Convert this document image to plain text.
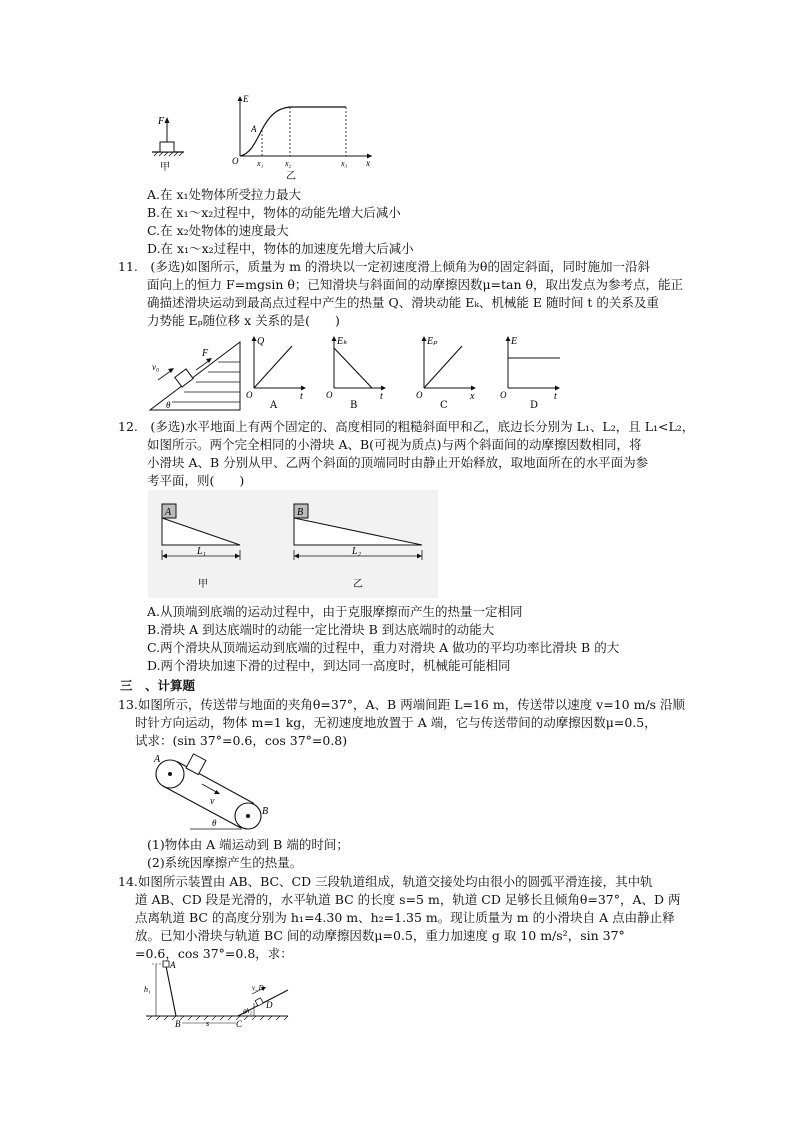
F
甲
E
x
O
A
x₁	x₂	x₃
乙
A.在 x₁处物体所受拉力最大
B.在 x₁～x₂过程中，物体的动能先增大后减小
C.在 x₂处物体的速度最大
D.在 x₁～x₂过程中，物体的加速度先增大后减小
11.　(多选)如图所示，质量为 m 的滑块以一定初速度滑上倾角为θ的固定斜面，同时施加一沿斜
面向上的恒力 F=mgsin θ；已知滑块与斜面间的动摩擦因数μ=tan θ，取出发点为参考点，能正
确描述滑块运动到最高点过程中产生的热量 Q、滑块动能 Eₖ、机械能 E 随时间 t 的关系及重
力势能 Eₚ随位移 x 关系的是(　　)
v₀
F
θ
Q
t
O
A
Eₖ
t
O
B
Eₚ
x
O
C
E
t
O
D
12.　(多选)水平地面上有两个固定的、高度相同的粗糙斜面甲和乙，底边长分别为 L₁、L₂，且 L₁<L₂，
如图所示。两个完全相同的小滑块 A、B(可视为质点)与两个斜面间的动摩擦因数相同，将
小滑块 A、B 分别从甲、乙两个斜面的顶端同时由静止开始释放，取地面所在的水平面为参
考平面，则(　　)
A
L₁
甲
B
L₂
乙
A.从顶端到底端的运动过程中，由于克服摩擦而产生的热量一定相同
B.滑块 A 到达底端时的动能一定比滑块 B 到达底端时的动能大
C.两个滑块从顶端运动到底端的过程中，重力对滑块 A 做功的平均功率比滑块 B 的大
D.两个滑块加速下滑的过程中，到达同一高度时，机械能可能相同
三　、计算题
13.如图所示，传送带与地面的夹角θ=37°，A、B 两端间距 L=16 m，传送带以速度 v=10 m/s 沿顺
时针方向运动，物体 m=1 kg，无初速度地放置于 A 端，它与传送带间的动摩擦因数μ=0.5，
试求：(sin 37°=0.6，cos 37°=0.8)
A
B
v
θ
(1)物体由 A 端运动到 B 端的时间；
(2)系统因摩擦产生的热量。
14.如图所示装置由 AB、BC、CD 三段轨道组成，轨道交接处均由很小的圆弧平滑连接，其中轨
道 AB、CD 段是光滑的，水平轨道 BC 的长度 s=5 m，轨道 CD 足够长且倾角θ=37°，A、D 两
点离轨道 BC 的高度分别为 h₁=4.30 m、h₂=1.35 m。现让质量为 m 的小滑块自 A 点由静止释
放。已知小滑块与轨道 BC 间的动摩擦因数μ=0.5，重力加速度 g 取 10 m/s²，sin 37°
=0.6，cos 37°=0.8，求：
h₁
s
h₂
v_D
θ
A
B	C
D
